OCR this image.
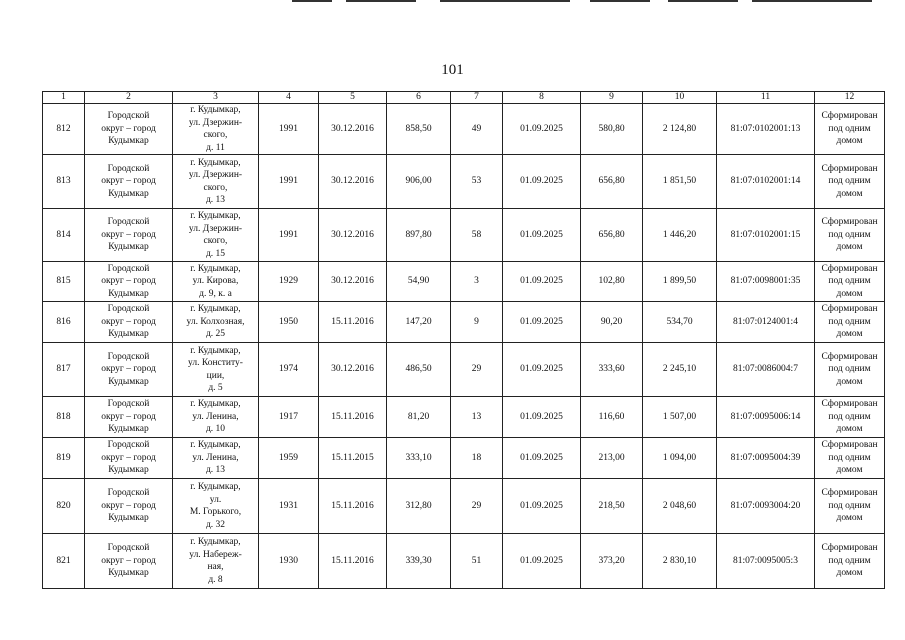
101
1	2	3	4	5	6	7	8	9	10	11	12
812	Городской
округ – город
Кудымкар	г. Кудымкар,
ул. Дзержин-
ского,
д. 11	1991	30.12.2016	858,50	49	01.09.2025	580,80	2 124,80	81:07:0102001:13	Сформирован
под одним
домом
813	Городской
округ – город
Кудымкар	г. Кудымкар,
ул. Дзержин-
ского,
д. 13	1991	30.12.2016	906,00	53	01.09.2025	656,80	1 851,50	81:07:0102001:14	Сформирован
под одним
домом
814	Городской
округ – город
Кудымкар	г. Кудымкар,
ул. Дзержин-
ского,
д. 15	1991	30.12.2016	897,80	58	01.09.2025	656,80	1 446,20	81:07:0102001:15	Сформирован
под одним
домом
815	Городской
округ – город
Кудымкар	г. Кудымкар,
ул. Кирова,
д. 9, к. а	1929	30.12.2016	54,90	3	01.09.2025	102,80	1 899,50	81:07:0098001:35	Сформирован
под одним
домом
816	Городской
округ – город
Кудымкар	г. Кудымкар,
ул. Колхозная,
д. 25	1950	15.11.2016	147,20	9	01.09.2025	90,20	534,70	81:07:0124001:4	Сформирован
под одним
домом
817	Городской
округ – город
Кудымкар	г. Кудымкар,
ул. Конститу-
ции,
д. 5	1974	30.12.2016	486,50	29	01.09.2025	333,60	2 245,10	81:07:0086004:7	Сформирован
под одним
домом
818	Городской
округ – город
Кудымкар	г. Кудымкар,
ул. Ленина,
д. 10	1917	15.11.2016	81,20	13	01.09.2025	116,60	1 507,00	81:07:0095006:14	Сформирован
под одним
домом
819	Городской
округ – город
Кудымкар	г. Кудымкар,
ул. Ленина,
д. 13	1959	15.11.2015	333,10	18	01.09.2025	213,00	1 094,00	81:07:0095004:39	Сформирован
под одним
домом
820	Городской
округ – город
Кудымкар	г. Кудымкар,
ул.
М. Горького,
д. 32	1931	15.11.2016	312,80	29	01.09.2025	218,50	2 048,60	81:07:0093004:20	Сформирован
под одним
домом
821	Городской
округ – город
Кудымкар	г. Кудымкар,
ул. Набереж-
ная,
д. 8	1930	15.11.2016	339,30	51	01.09.2025	373,20	2 830,10	81:07:0095005:3	Сформирован
под одним
домом
